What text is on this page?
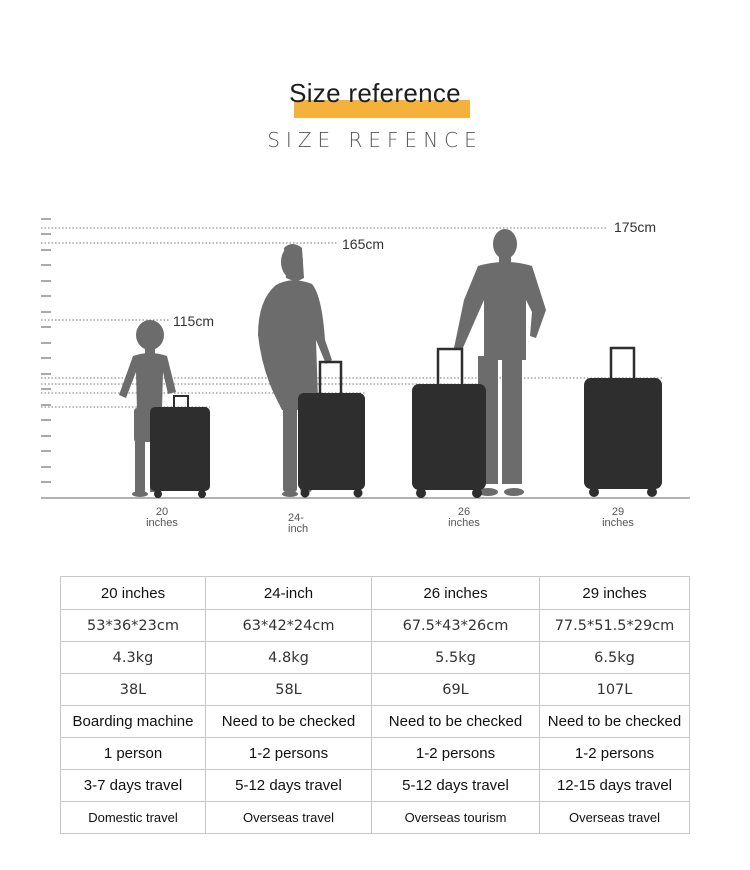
Size reference
SIZE REFENCE
115cm
165cm
175cm
20
inches	24-
inch
26
inches
29
inches
20 inches	24-inch	26 inches	29 inches
53*36*23cm	63*42*24cm	67.5*43*26cm	77.5*51.5*29cm
4.3kg	4.8kg	5.5kg	6.5kg
38L	58L	69L	107L
Boarding machine	Need to be checked	Need to be checked	Need to be checked
1 person	1-2 persons	1-2 persons	1-2 persons
3-7 days travel	5-12 days travel	5-12 days travel	12-15 days travel
Domestic travel	Overseas travel	Overseas tourism	Overseas travel
